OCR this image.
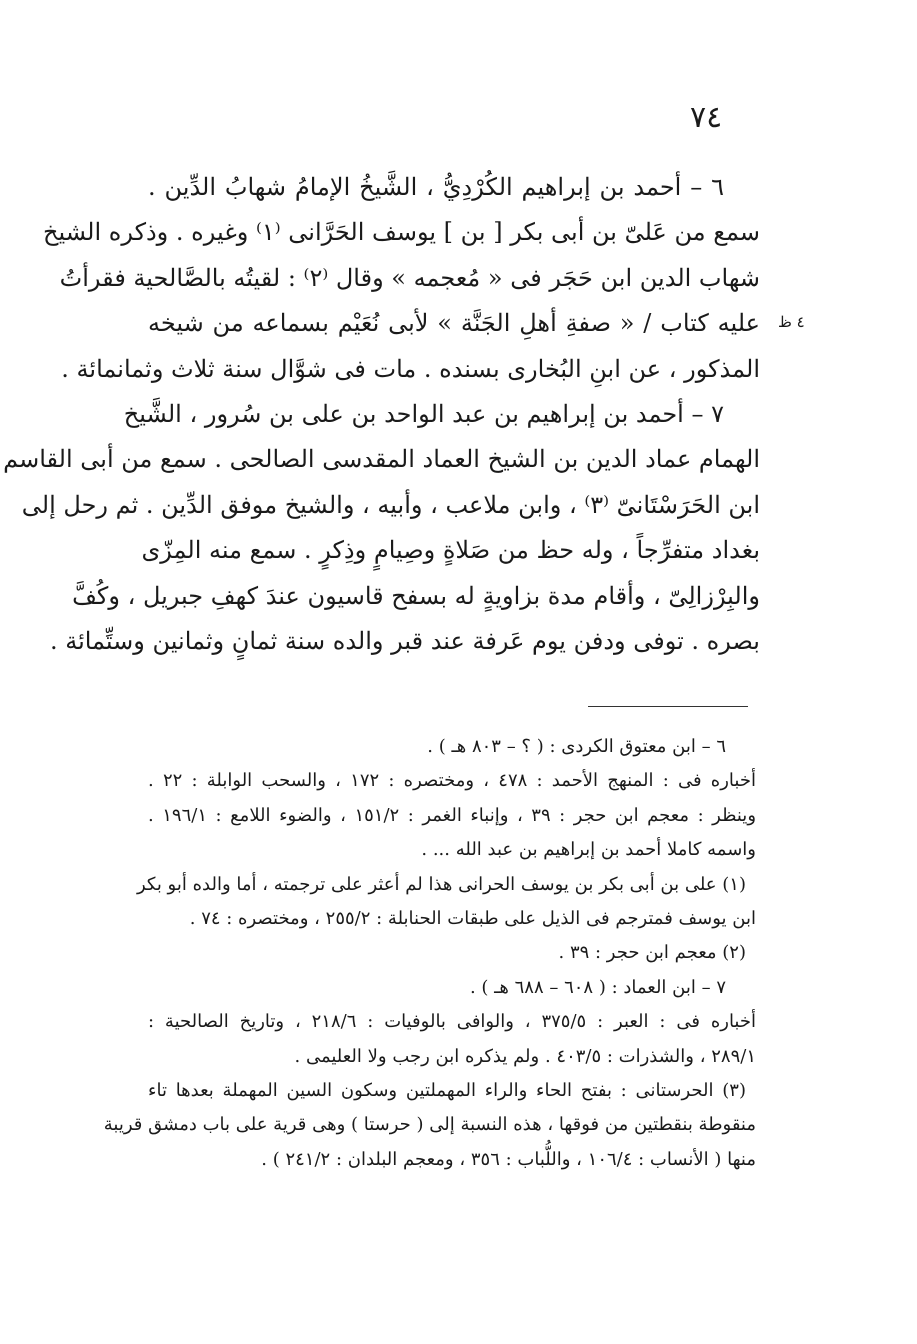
٧٤
٤ ظ
٦ – أحمد بن إبراهيم الكُرْدِيُّ ، الشَّيخُ الإمامُ شهابُ الدِّين .
سمع من عَلىّ بن أبى بكر [ بن ] يوسف الحَرَّانى ⁽١⁾ وغيره . وذكره الشيخ
شهاب الدين ابن حَجَر فى « مُعجمه » وقال ⁽٢⁾ : لقيتُه بالصَّالحية فقرأتُ
عليه كتاب / « صفةِ أهلِ الجَنَّة » لأبى نُعَيْم بسماعه من شيخه
المذكور ، عن ابنِ البُخارى بسنده . مات فى شوَّال سنة ثلاث وثمانمائة .
٧ – أحمد بن إبراهيم بن عبد الواحد بن على بن سُرور ، الشَّيخ
الهمام عماد الدين بن الشيخ العماد المقدسى الصالحى . سمع من أبى القاسم
ابن الحَرَسْتَانىّ ⁽٣⁾ ، وابن ملاعب ، وأبيه ، والشيخ موفق الدِّين . ثم رحل إلى
بغداد متفرِّجاً ، وله حظ من صَلاةٍ وصِيامٍ وذِكرٍ . سمع منه المِزّى
والبِرْزالِىّ ، وأقام مدة بزاويةٍ له بسفح قاسيون عندَ كهفِ جبريل ، وكُفَّ
بصره . توفى ودفن يوم عَرفة عند قبر والده سنة ثمانٍ وثمانين وستِّمائة .
٦ – ابن معتوق الكردى : ( ؟ – ٨٠٣ هـ ) .
أخباره فى : المنهج الأحمد : ٤٧٨ ، ومختصره : ١٧٢ ، والسحب الوابلة : ٢٢ .
وينظر : معجم ابن حجر : ٣٩ ، وإنباء الغمر : ١٥١/٢ ، والضوء اللامع : ١٩٦/١ .
واسمه كاملا أحمد بن إبراهيم بن عبد الله ... .
(١) على بن أبى بكر بن يوسف الحرانى هذا لم أعثر على ترجمته ، أما والده أبو بكر
ابن يوسف فمترجم فى الذيل على طبقات الحنابلة : ٢٥٥/٢ ، ومختصره : ٧٤ .
(٢) معجم ابن حجر : ٣٩ .
٧ – ابن العماد : ( ٦٠٨ – ٦٨٨ هـ ) .
أخباره فى : العبر : ٣٧٥/٥ ، والوافى بالوفيات : ٢١٨/٦ ، وتاريخ الصالحية :
٢٨٩/١ ، والشذرات : ٤٠٣/٥ . ولم يذكره ابن رجب ولا العليمى .
(٣) الحرستانى : بفتح الحاء والراء المهملتين وسكون السين المهملة بعدها تاء
منقوطة بنقطتين من فوقها ، هذه النسبة إلى ( حرستا ) وهى قرية على باب دمشق قريبة
منها ( الأنساب : ١٠٦/٤ ، واللُّباب : ٣٥٦ ، ومعجم البلدان : ٢٤١/٢ ) .
